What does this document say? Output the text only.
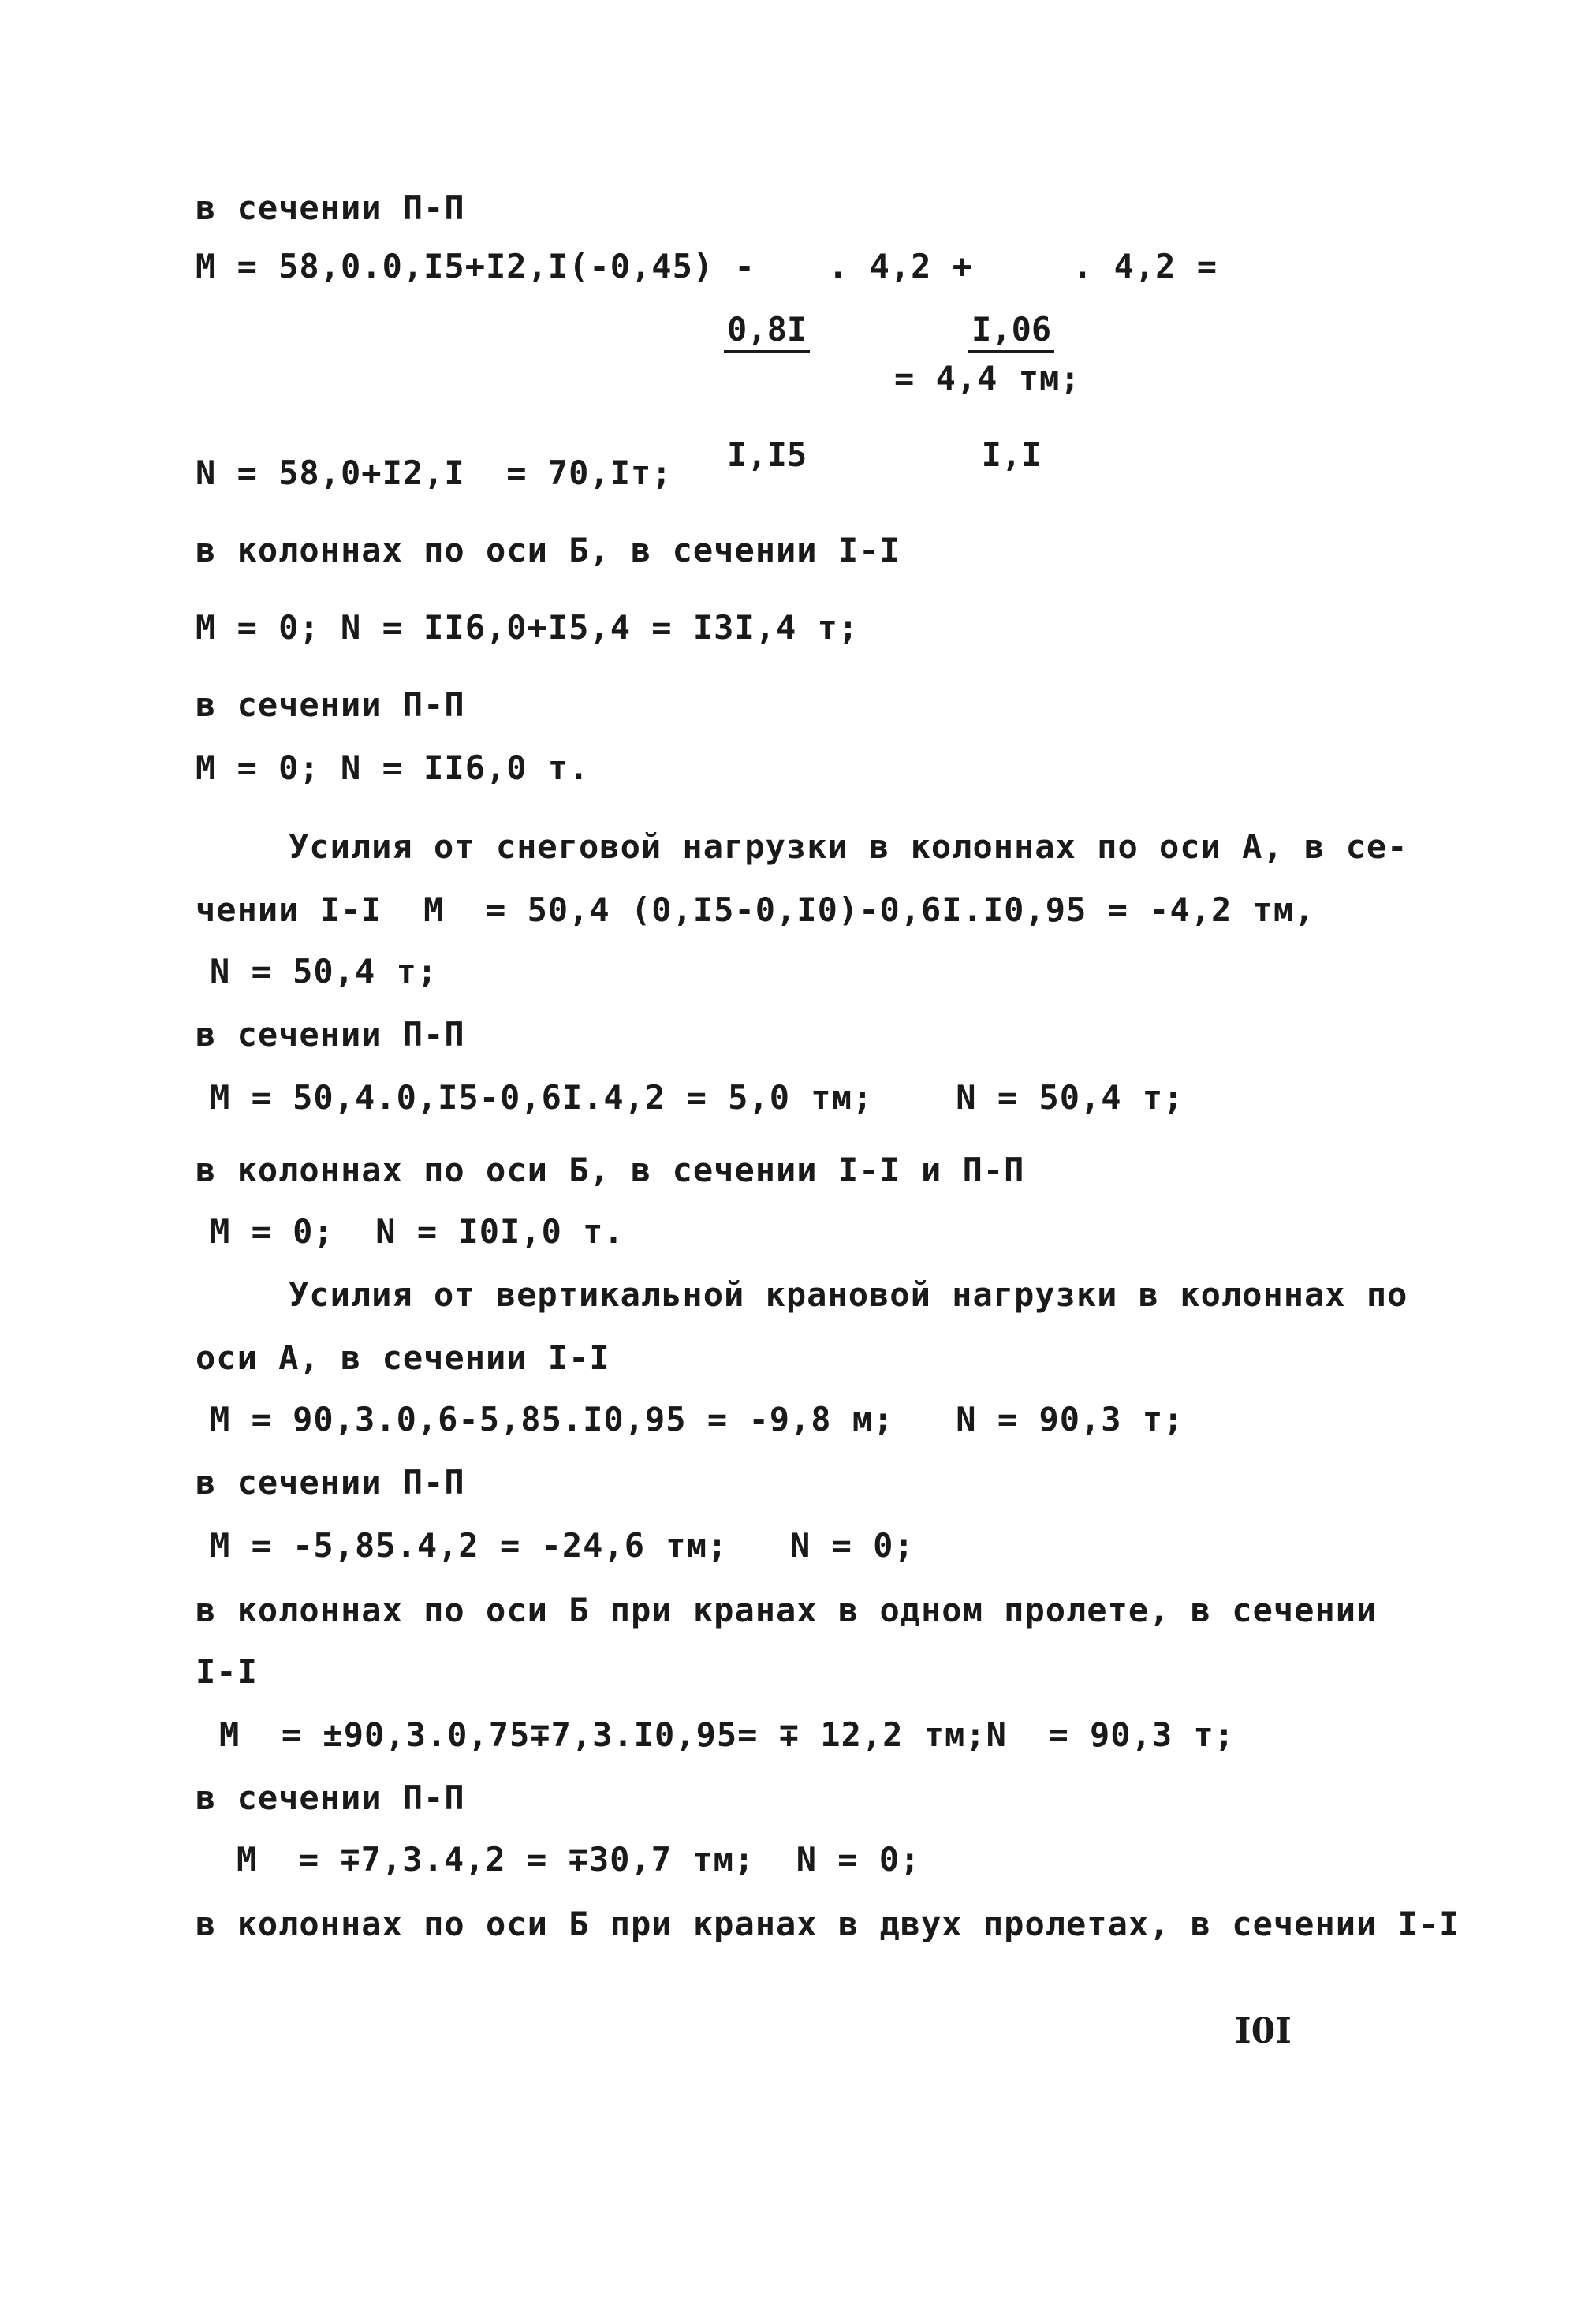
в сечении П-П
М = 58,0.0,I5+I2,I(-0,45) -

$\frac{0,8I}{I,I5}$

. 4,2 +

$\frac{I,06}{I,I}$

. 4,2 =
= 4,4 тм;
N = 58,0+I2,I  = 70,Iт;
в колоннах по оси Б, в сечении I-I
M = 0; N = II6,0+I5,4 = I3I,4 т;
в сечении П-П
M = 0; N = II6,0 т.
Усилия от снеговой нагрузки в колоннах по оси А, в се-
чении I-I  M  = 50,4 (0,I5-0,I0)-0,6I.I0,95 = -4,2 тм,
N = 50,4 т;
в сечении П-П
M = 50,4.0,I5-0,6I.4,2 = 5,0 тм;    N = 50,4 т;
в колоннах по оси Б, в сечении I-I и П-П
M = 0;  N = I0I,0 т.
Усилия от вертикальной крановой нагрузки в колоннах по
оси А, в сечении I-I
M = 90,3.0,6-5,85.I0,95 = -9,8 м;   N = 90,3 т;
в сечении П-П
M = -5,85.4,2 = -24,6 тм;   N = 0;
в колоннах по оси Б при кранах в одном пролете, в сечении
I-I
M  = ±90,3.0,75∓7,3.I0,95= ∓ 12,2 тм;N  = 90,3 т;
в сечении П-П
M  = ∓7,3.4,2 = ∓30,7 тм;  N = 0;
в колоннах по оси Б при кранах в двух пролетах, в сечении I-I
I0I
